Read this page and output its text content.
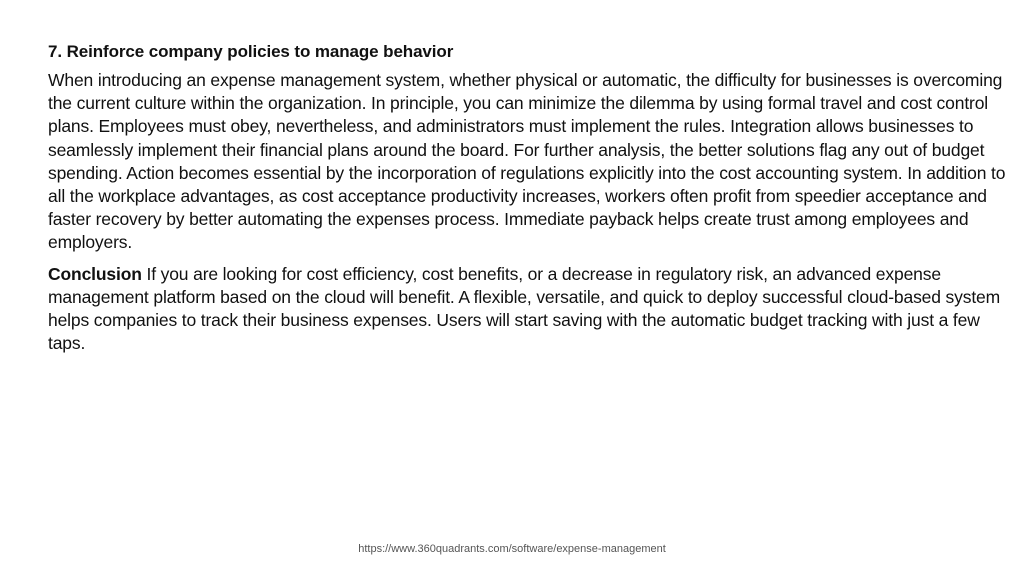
7. Reinforce company policies to manage behavior

When introducing an expense management system, whether physical or automatic, the difficulty for businesses is overcoming the current culture within the organization. In principle, you can minimize the dilemma by using formal travel and cost control plans. Employees must obey, nevertheless, and administrators must implement the rules. Integration allows businesses to seamlessly implement their financial plans around the board. For further analysis, the better solutions flag any out of budget spending. Action becomes essential by the incorporation of regulations explicitly into the cost accounting system. In addition to all the workplace advantages, as cost acceptance productivity increases, workers often profit from speedier acceptance and faster recovery by better automating the expenses process. Immediate payback helps create trust among employees and employers.

Conclusion If you are looking for cost efficiency, cost benefits, or a decrease in regulatory risk, an advanced expense management platform based on the cloud will benefit. A flexible, versatile, and quick to deploy successful cloud-based system helps companies to track their business expenses. Users will start saving with the automatic budget tracking with just a few taps.

https://www.360quadrants.com/software/expense-management
